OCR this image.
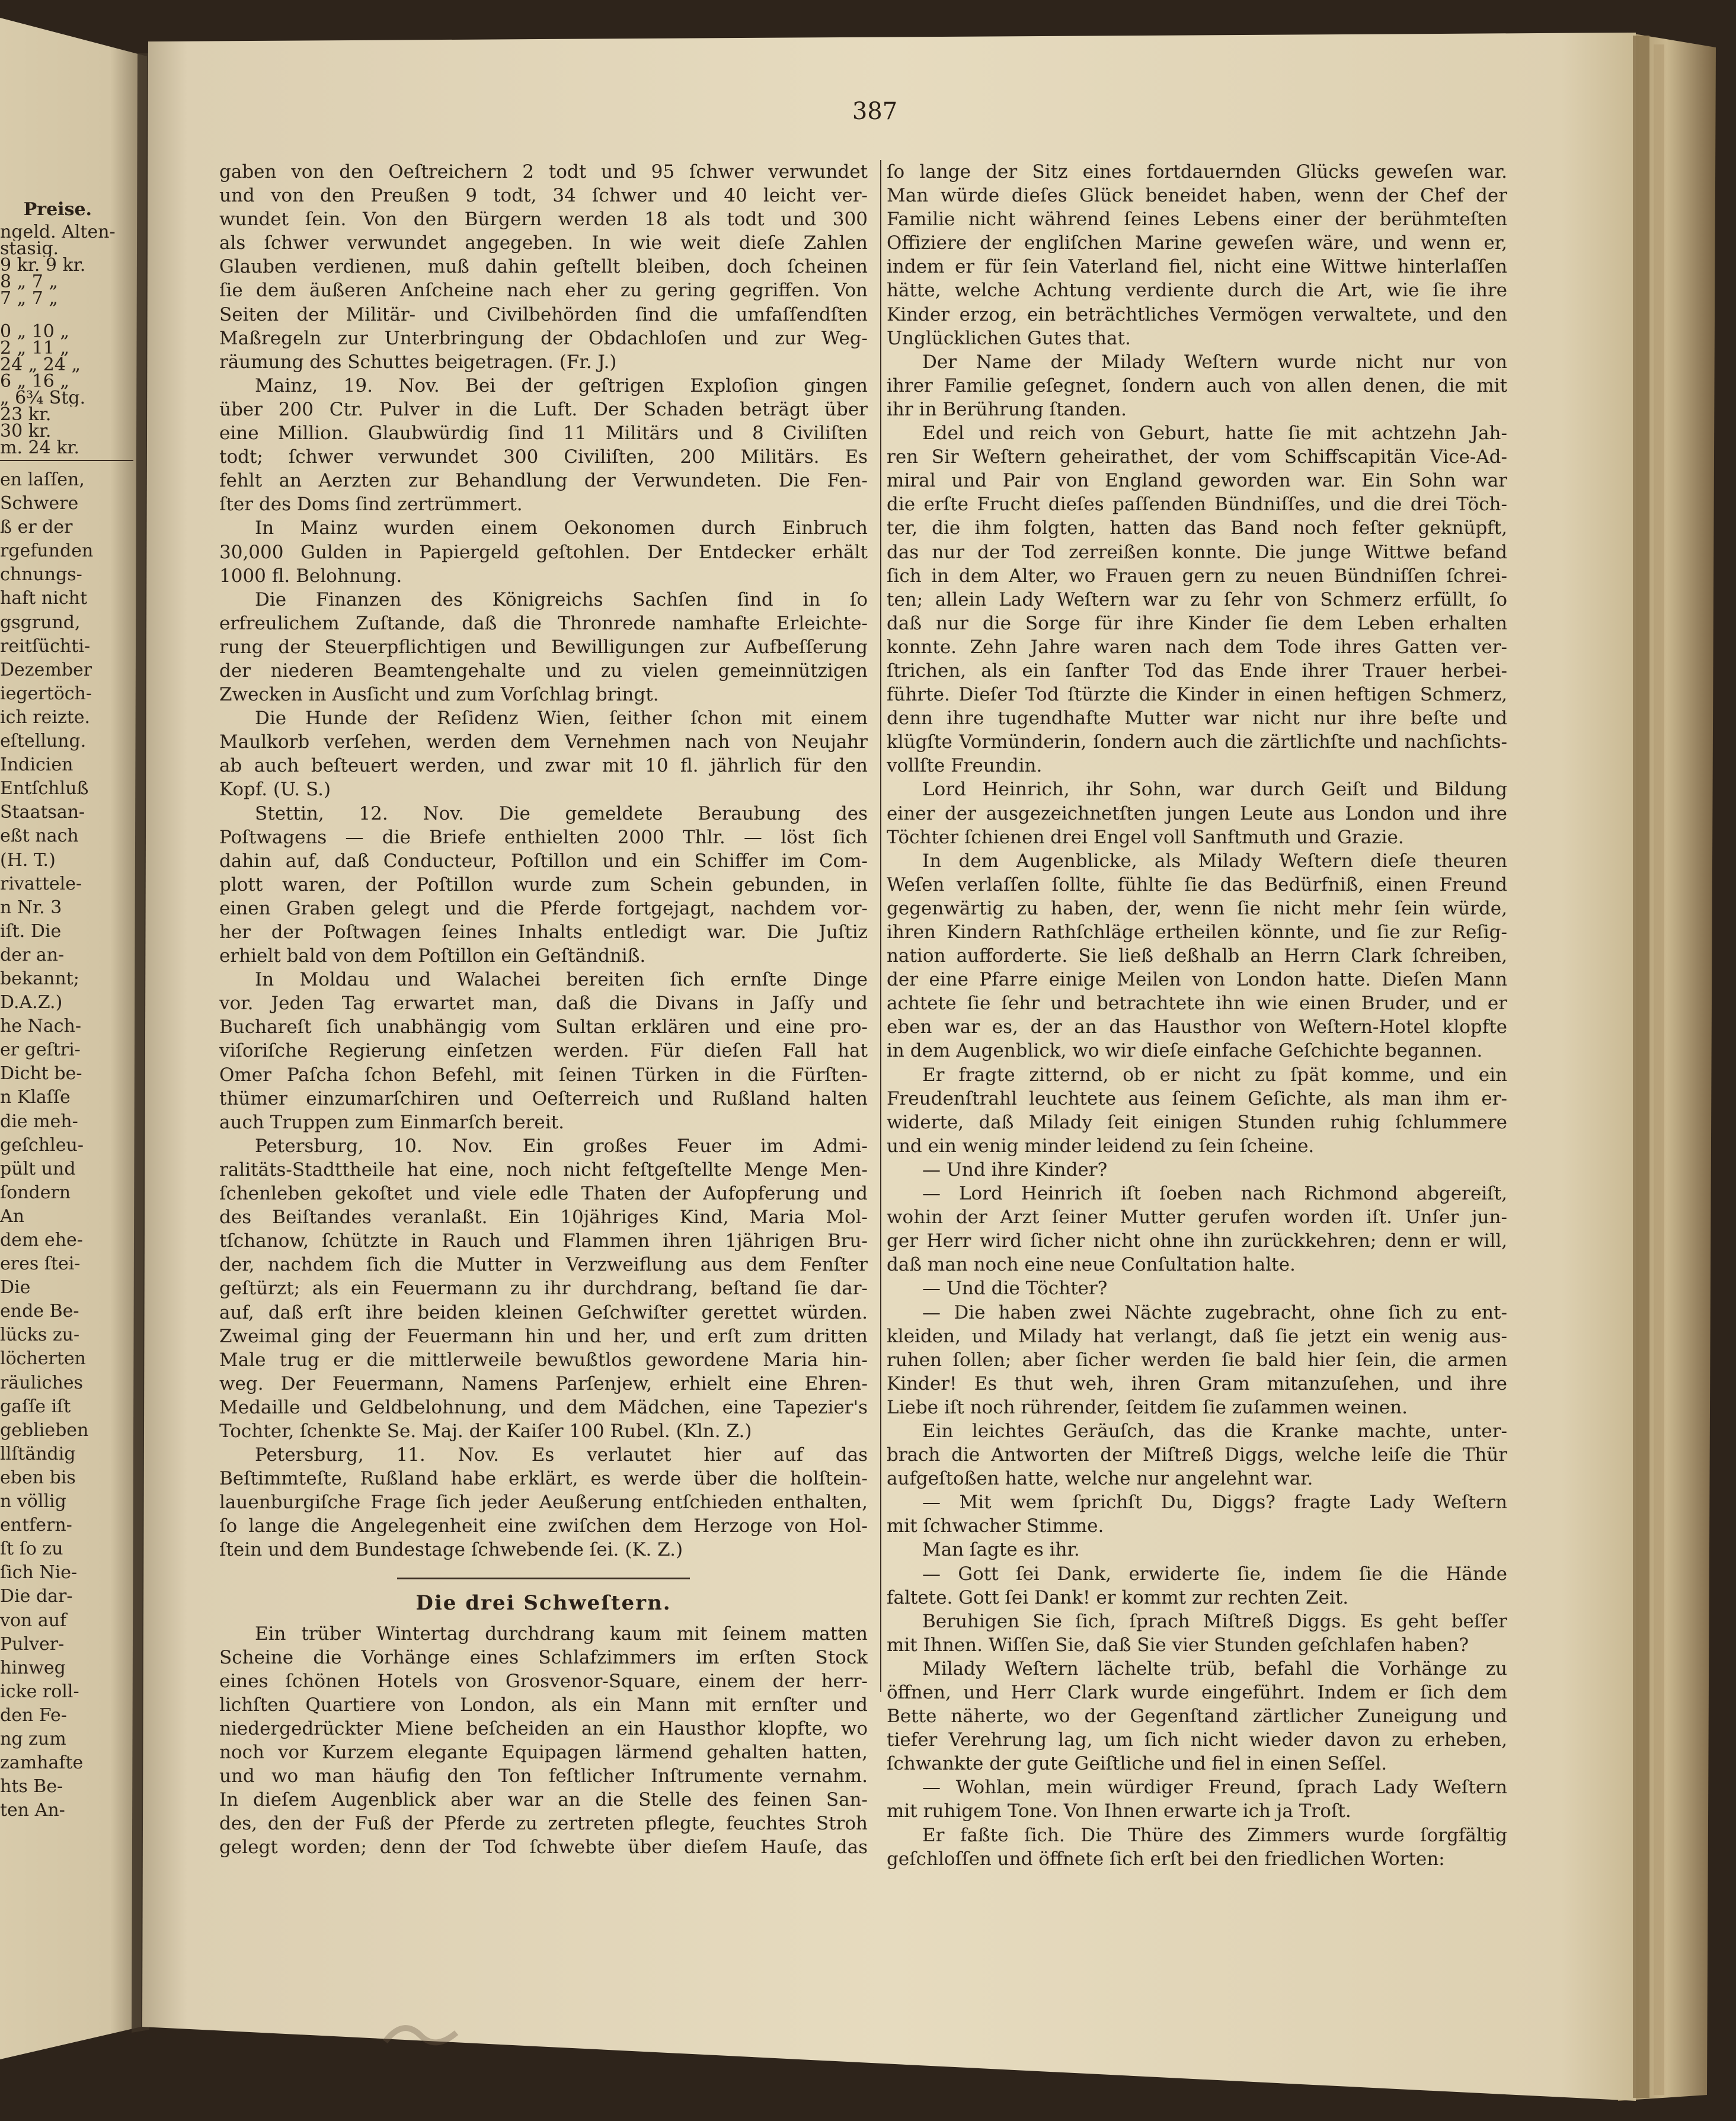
387
Preise.
ngeld. Alten-
stasig.
9 kr. 9 kr.
8 „ 7 „
7 „ 7 „
0 „ 10 „
2 „ 11 „
24 „ 24 „
6 „ 16 „
„ 6¾ Stg.
23 kr.
30 kr.
m. 24 kr.
en laſſen,
Schwere
ß er der
rgefunden
chnungs-
haft nicht
gsgrund,
reitſüchti-
Dezember
iegertöch-
ich reizte.
eſtellung.
Indicien
Entſchluß
Staatsan-
eßt nach
(H. T.)
rivattele-
n Nr. 3
iſt. Die
der an-
bekannt;
D.A.Z.)
he Nach-
er geſtri-
Dicht be-
n Klaſſe
die meh-
geſchleu-
pült und
ſondern
An
dem ehe-
eres ſtei-
Die
ende Be-
lücks zu-
löcherten
räuliches
gaſſe iſt
geblieben
llſtändig
eben bis
n völlig
entfern-
ſt ſo zu
ſich Nie-
Die dar-
von auf
Pulver-
hinweg
icke roll-
den Fe-
ng zum
zamhafte
hts Be-
ten An-
gaben von den Oeſtreichern 2 todt und 95 ſchwer verwundet
und von den Preußen 9 todt, 34 ſchwer und 40 leicht ver-
wundet ſein. Von den Bürgern werden 18 als todt und 300
als ſchwer verwundet angegeben. In wie weit dieſe Zahlen
Glauben verdienen, muß dahin geſtellt bleiben, doch ſcheinen
ſie dem äußeren Anſcheine nach eher zu gering gegriffen. Von
Seiten der Militär- und Civilbehörden ſind die umfaſſendſten
Maßregeln zur Unterbringung der Obdachloſen und zur Weg-
räumung des Schuttes beigetragen. (Fr. J.)
Mainz, 19. Nov. Bei der geſtrigen Exploſion gingen
über 200 Ctr. Pulver in die Luft. Der Schaden beträgt über
eine Million. Glaubwürdig ſind 11 Militärs und 8 Civiliſten
todt; ſchwer verwundet 300 Civiliſten, 200 Militärs. Es
fehlt an Aerzten zur Behandlung der Verwundeten. Die Fen-
ſter des Doms ſind zertrümmert.
In Mainz wurden einem Oekonomen durch Einbruch
30,000 Gulden in Papiergeld geſtohlen. Der Entdecker erhält
1000 fl. Belohnung.
Die Finanzen des Königreichs Sachſen ſind in ſo
erfreulichem Zuſtande, daß die Thronrede namhafte Erleichte-
rung der Steuerpflichtigen und Bewilligungen zur Aufbeſſerung
der niederen Beamtengehalte und zu vielen gemeinnützigen
Zwecken in Ausſicht und zum Vorſchlag bringt.
Die Hunde der Reſidenz Wien, ſeither ſchon mit einem
Maulkorb verſehen, werden dem Vernehmen nach von Neujahr
ab auch beſteuert werden, und zwar mit 10 fl. jährlich für den
Kopf. (U. S.)
Stettin, 12. Nov. Die gemeldete Beraubung des
Poſtwagens — die Briefe enthielten 2000 Thlr. — löst ſich
dahin auf, daß Conducteur, Poſtillon und ein Schiffer im Com-
plott waren, der Poſtillon wurde zum Schein gebunden, in
einen Graben gelegt und die Pferde fortgejagt, nachdem vor-
her der Poſtwagen ſeines Inhalts entledigt war. Die Juſtiz
erhielt bald von dem Poſtillon ein Geſtändniß.
In Moldau und Walachei bereiten ſich ernſte Dinge
vor. Jeden Tag erwartet man, daß die Divans in Jaſſy und
Buchareſt ſich unabhängig vom Sultan erklären und eine pro-
viſoriſche Regierung einſetzen werden. Für dieſen Fall hat
Omer Paſcha ſchon Befehl, mit ſeinen Türken in die Fürſten-
thümer einzumarſchiren und Oeſterreich und Rußland halten
auch Truppen zum Einmarſch bereit.
Petersburg, 10. Nov. Ein großes Feuer im Admi-
ralitäts-Stadttheile hat eine, noch nicht feſtgeſtellte Menge Men-
ſchenleben gekoſtet und viele edle Thaten der Aufopferung und
des Beiſtandes veranlaßt. Ein 10jähriges Kind, Maria Mol-
tſchanow, ſchützte in Rauch und Flammen ihren 1jährigen Bru-
der, nachdem ſich die Mutter in Verzweiflung aus dem Fenſter
geſtürzt; als ein Feuermann zu ihr durchdrang, beſtand ſie dar-
auf, daß erſt ihre beiden kleinen Geſchwiſter gerettet würden.
Zweimal ging der Feuermann hin und her, und erſt zum dritten
Male trug er die mittlerweile bewußtlos gewordene Maria hin-
weg. Der Feuermann, Namens Parſenjew, erhielt eine Ehren-
Medaille und Geldbelohnung, und dem Mädchen, eine Tapezier's
Tochter, ſchenkte Se. Maj. der Kaiſer 100 Rubel. (Kln. Z.)
Petersburg, 11. Nov. Es verlautet hier auf das
Beſtimmteſte, Rußland habe erklärt, es werde über die holſtein-
lauenburgiſche Frage ſich jeder Aeußerung entſchieden enthalten,
ſo lange die Angelegenheit eine zwiſchen dem Herzoge von Hol-
ſtein und dem Bundestage ſchwebende ſei. (K. Z.)
Die drei Schweſtern.
Ein trüber Wintertag durchdrang kaum mit ſeinem matten
Scheine die Vorhänge eines Schlafzimmers im erſten Stock
eines ſchönen Hotels von Grosvenor-Square, einem der herr-
lichſten Quartiere von London, als ein Mann mit ernſter und
niedergedrückter Miene beſcheiden an ein Hausthor klopfte, wo
noch vor Kurzem elegante Equipagen lärmend gehalten hatten,
und wo man häufig den Ton feſtlicher Inſtrumente vernahm.
In dieſem Augenblick aber war an die Stelle des feinen San-
des, den der Fuß der Pferde zu zertreten pflegte, feuchtes Stroh
gelegt worden; denn der Tod ſchwebte über dieſem Hauſe, das
ſo lange der Sitz eines fortdauernden Glücks geweſen war.
Man würde dieſes Glück beneidet haben, wenn der Chef der
Familie nicht während ſeines Lebens einer der berühmteſten
Offiziere der engliſchen Marine geweſen wäre, und wenn er,
indem er für ſein Vaterland fiel, nicht eine Wittwe hinterlaſſen
hätte, welche Achtung verdiente durch die Art, wie ſie ihre
Kinder erzog, ein beträchtliches Vermögen verwaltete, und den
Unglücklichen Gutes that.
Der Name der Milady Weſtern wurde nicht nur von
ihrer Familie geſegnet, ſondern auch von allen denen, die mit
ihr in Berührung ſtanden.
Edel und reich von Geburt, hatte ſie mit achtzehn Jah-
ren Sir Weſtern geheirathet, der vom Schiffscapitän Vice-Ad-
miral und Pair von England geworden war. Ein Sohn war
die erſte Frucht dieſes paſſenden Bündniſſes, und die drei Töch-
ter, die ihm folgten, hatten das Band noch feſter geknüpft,
das nur der Tod zerreißen konnte. Die junge Wittwe befand
ſich in dem Alter, wo Frauen gern zu neuen Bündniſſen ſchrei-
ten; allein Lady Weſtern war zu ſehr von Schmerz erfüllt, ſo
daß nur die Sorge für ihre Kinder ſie dem Leben erhalten
konnte. Zehn Jahre waren nach dem Tode ihres Gatten ver-
ſtrichen, als ein ſanfter Tod das Ende ihrer Trauer herbei-
führte. Dieſer Tod ſtürzte die Kinder in einen heftigen Schmerz,
denn ihre tugendhafte Mutter war nicht nur ihre beſte und
klügſte Vormünderin, ſondern auch die zärtlichſte und nachſichts-
vollſte Freundin.
Lord Heinrich, ihr Sohn, war durch Geiſt und Bildung
einer der ausgezeichnetſten jungen Leute aus London und ihre
Töchter ſchienen drei Engel voll Sanftmuth und Grazie.
In dem Augenblicke, als Milady Weſtern dieſe theuren
Weſen verlaſſen ſollte, fühlte ſie das Bedürfniß, einen Freund
gegenwärtig zu haben, der, wenn ſie nicht mehr ſein würde,
ihren Kindern Rathſchläge ertheilen könnte, und ſie zur Reſig-
nation aufforderte. Sie ließ deßhalb an Herrn Clark ſchreiben,
der eine Pfarre einige Meilen von London hatte. Dieſen Mann
achtete ſie ſehr und betrachtete ihn wie einen Bruder, und er
eben war es, der an das Hausthor von Weſtern-Hotel klopfte
in dem Augenblick, wo wir dieſe einfache Geſchichte begannen.
Er fragte zitternd, ob er nicht zu ſpät komme, und ein
Freudenſtrahl leuchtete aus ſeinem Geſichte, als man ihm er-
widerte, daß Milady ſeit einigen Stunden ruhig ſchlummere
und ein wenig minder leidend zu ſein ſcheine.
— Und ihre Kinder?
— Lord Heinrich iſt ſoeben nach Richmond abgereiſt,
wohin der Arzt ſeiner Mutter gerufen worden iſt. Unſer jun-
ger Herr wird ſicher nicht ohne ihn zurückkehren; denn er will,
daß man noch eine neue Conſultation halte.
— Und die Töchter?
— Die haben zwei Nächte zugebracht, ohne ſich zu ent-
kleiden, und Milady hat verlangt, daß ſie jetzt ein wenig aus-
ruhen ſollen; aber ſicher werden ſie bald hier ſein, die armen
Kinder! Es thut weh, ihren Gram mitanzuſehen, und ihre
Liebe iſt noch rührender, ſeitdem ſie zuſammen weinen.
Ein leichtes Geräuſch, das die Kranke machte, unter-
brach die Antworten der Miſtreß Diggs, welche leiſe die Thür
aufgeſtoßen hatte, welche nur angelehnt war.
— Mit wem ſprichſt Du, Diggs? fragte Lady Weſtern
mit ſchwacher Stimme.
Man ſagte es ihr.
— Gott ſei Dank, erwiderte ſie, indem ſie die Hände
faltete. Gott ſei Dank! er kommt zur rechten Zeit.
Beruhigen Sie ſich, ſprach Miſtreß Diggs. Es geht beſſer
mit Ihnen. Wiſſen Sie, daß Sie vier Stunden geſchlafen haben?
Milady Weſtern lächelte trüb, befahl die Vorhänge zu
öffnen, und Herr Clark wurde eingeführt. Indem er ſich dem
Bette näherte, wo der Gegenſtand zärtlicher Zuneigung und
tiefer Verehrung lag, um ſich nicht wieder davon zu erheben,
ſchwankte der gute Geiſtliche und fiel in einen Seſſel.
— Wohlan, mein würdiger Freund, ſprach Lady Weſtern
mit ruhigem Tone. Von Ihnen erwarte ich ja Troſt.
Er faßte ſich. Die Thüre des Zimmers wurde ſorgfältig
geſchloſſen und öffnete ſich erſt bei den friedlichen Worten:
